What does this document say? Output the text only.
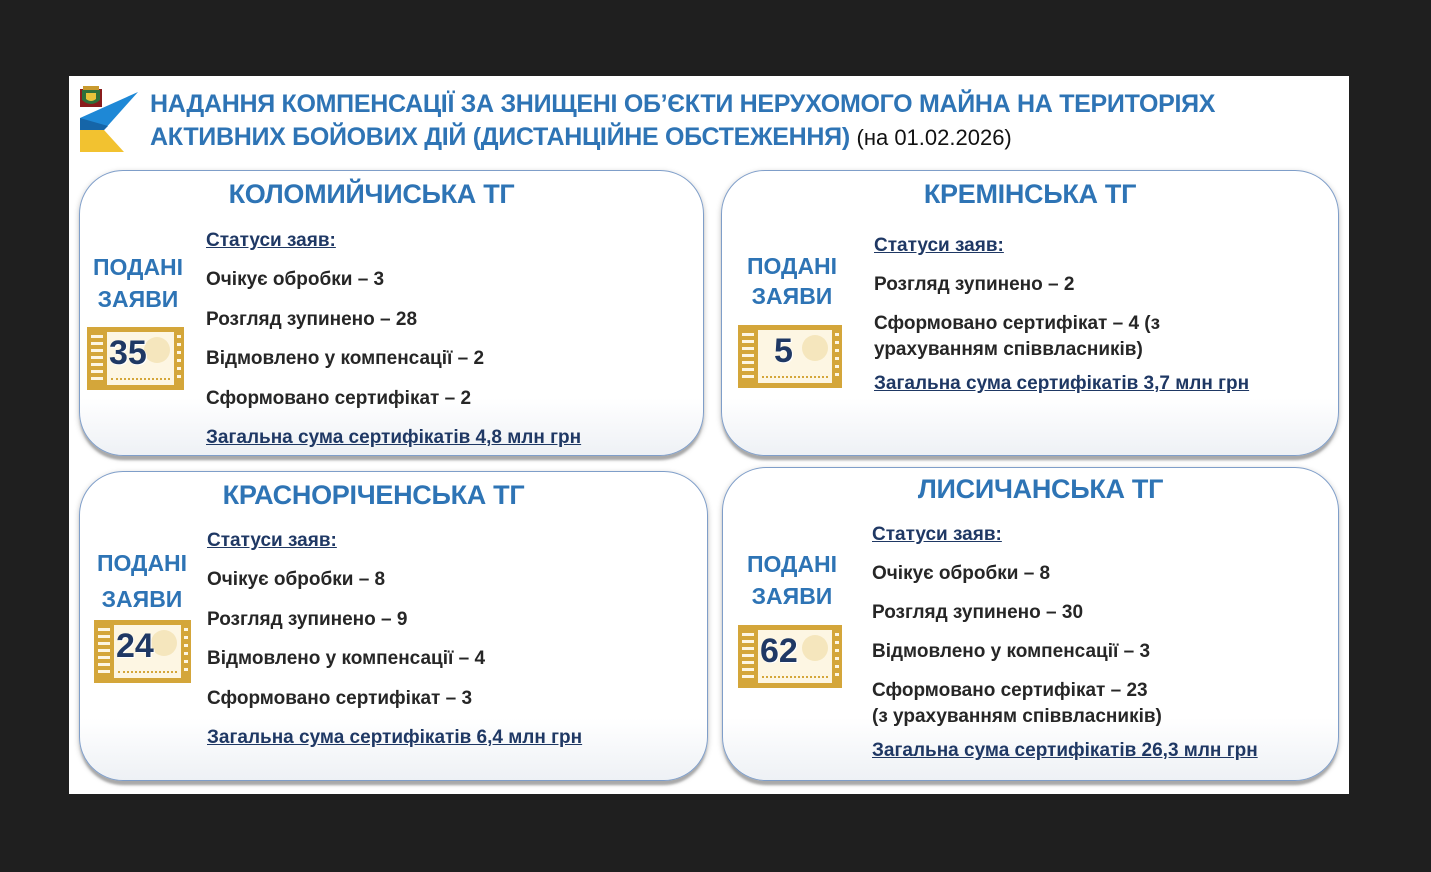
НАДАННЯ КОМПЕНСАЦІЇ ЗА ЗНИЩЕНІ ОБ’ЄКТИ НЕРУХОМОГО МАЙНА НА ТЕРИТОРІЯХ
АКТИВНИХ БОЙОВИХ ДІЙ (ДИСТАНЦІЙНЕ ОБСТЕЖЕННЯ) (на 01.02.2026)
КОЛОМИЙЧИСЬКА ТГ
ПОДАНІ
ЗАЯВИ
35
Статуси заяв:
Очікує обробки – 3
Розгляд зупинено – 28
Відмовлено у компенсації – 2
Сформовано сертифікат – 2
Загальна сума сертифікатів 4,8 млн грн
КРЕМІНСЬКА ТГ
ПОДАНІ
ЗАЯВИ
5
Статуси заяв:
Розгляд зупинено – 2
Сформовано сертифікат – 4 (з
урахуванням співвласників)
Загальна сума сертифікатів 3,7 млн грн
КРАСНОРІЧЕНСЬКА ТГ
ПОДАНІ
ЗАЯВИ
24
Статуси заяв:
Очікує обробки – 8
Розгляд зупинено – 9
Відмовлено у компенсації – 4
Сформовано сертифікат – 3
Загальна сума сертифікатів 6,4 млн грн
ЛИСИЧАНСЬКА ТГ
ПОДАНІ
ЗАЯВИ
62
Статуси заяв:
Очікує обробки – 8
Розгляд зупинено – 30
Відмовлено у компенсації – 3
Сформовано сертифікат – 23
(з урахуванням співвласників)
Загальна сума сертифікатів 26,3 млн грн
